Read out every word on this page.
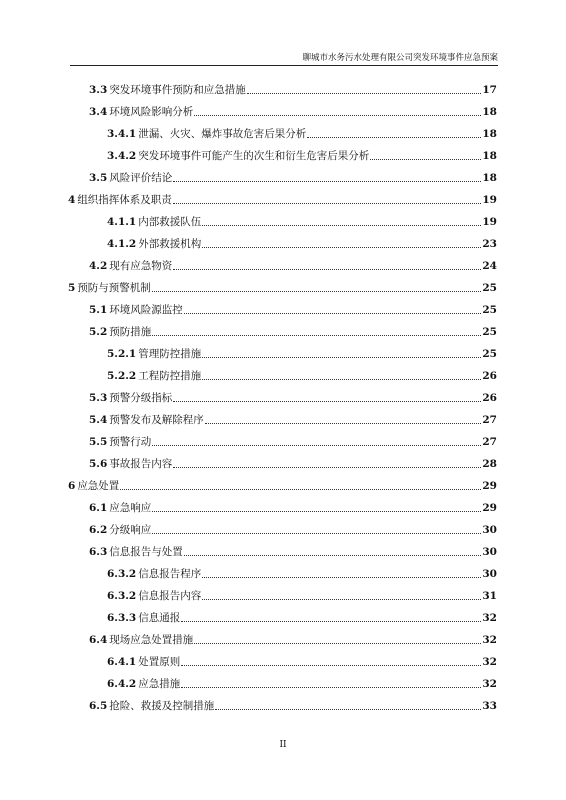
聊城市水务污水处理有限公司突发环境事件应急预案
3.3 突发环境事件预防和应急措施	17
3.4 环境风险影响分析	18
3.4.1 泄漏、火灾、爆炸事故危害后果分析	18
3.4.2 突发环境事件可能产生的次生和衍生危害后果分析	18
3.5 风险评价结论	18
4 组织指挥体系及职责	19
4.1.1 内部救援队伍	19
4.1.2 外部救援机构	23
4.2 现有应急物资	24
5 预防与预警机制	25
5.1 环境风险源监控	25
5.2 预防措施	25
5.2.1 管理防控措施	25
5.2.2 工程防控措施	26
5.3 预警分级指标	26
5.4 预警发布及解除程序	27
5.5 预警行动	27
5.6 事故报告内容	28
6 应急处置	29
6.1 应急响应	29
6.2 分级响应	30
6.3 信息报告与处置	30
6.3.2 信息报告程序	30
6.3.2 信息报告内容	31
6.3.3 信息通报	32
6.4 现场应急处置措施	32
6.4.1 处置原则	32
6.4.2 应急措施	32
6.5 抢险、救援及控制措施	33
II
